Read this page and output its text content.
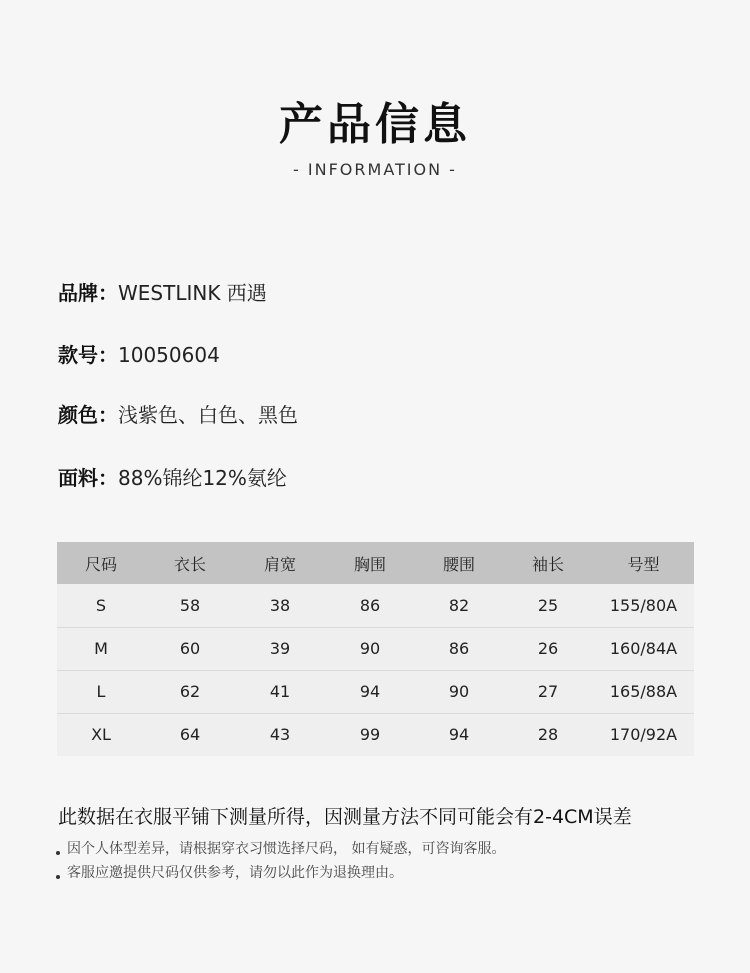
产品信息
- INFORMATION -
品牌：WESTLINK 西遇
款号：10050604
颜色：浅紫色、白色、黑色
面料：88%锦纶12%氨纶
尺码	衣长	肩宽	胸围	腰围	袖长	号型
S	58	38	86	82	25	155/80A
M	60	39	90	86	26	160/84A
L	62	41	94	90	27	165/88A
XL	64	43	99	94	28	170/92A
此数据在衣服平铺下测量所得，因测量方法不同可能会有2-4CM误差
因个人体型差异，请根据穿衣习惯选择尺码， 如有疑惑，可咨询客服。
客服应邀提供尺码仅供参考，请勿以此作为退换理由。
